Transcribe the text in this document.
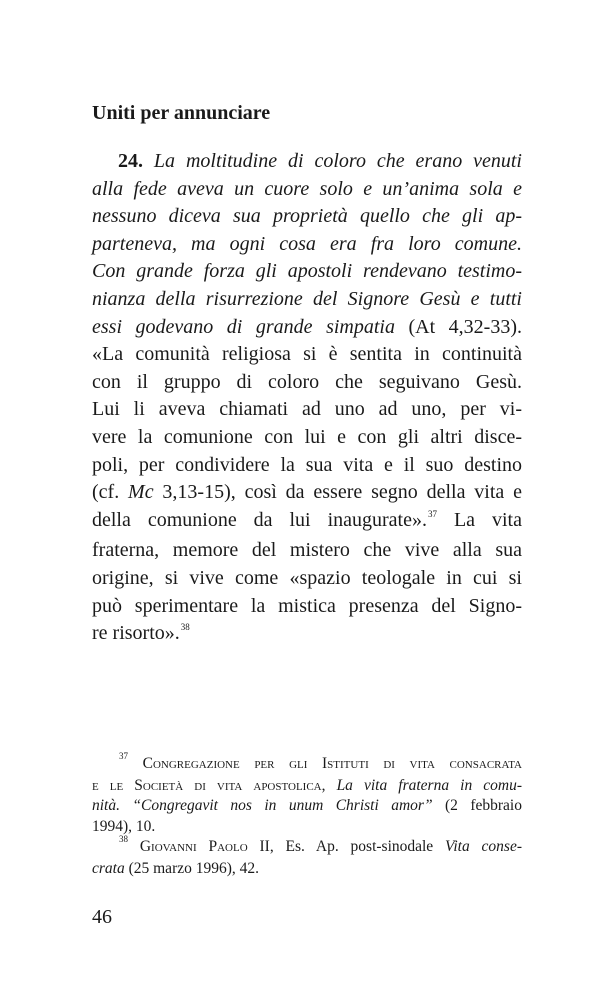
Uniti per annunciare
24. La moltitudine di coloro che erano venuti
alla fede aveva un cuore solo e un’anima sola e
nessuno diceva sua proprietà quello che gli ap-
parteneva, ma ogni cosa era fra loro comune.
Con grande forza gli apostoli rendevano testimo-
nianza della risurrezione del Signore Gesù e tutti
essi godevano di grande simpatia (At 4,32-33).
«La comunità religiosa si è sentita in continuità
con il gruppo di coloro che seguivano Gesù.
Lui li aveva chiamati ad uno ad uno, per vi-
vere la comunione con lui e con gli altri disce-
poli, per condividere la sua vita e il suo destino
(cf. Mc 3,13-15), così da essere segno della vita e
della comunione da lui inaugurate».$^{37}$ La vita
fraterna, memore del mistero che vive alla sua
origine, si vive come «spazio teologale in cui si
può sperimentare la mistica presenza del Signo-
re risorto».$^{38}$
$^{37}$ Congregazione per gli Istituti di vita consacrata
e le Società di vita apostolica, La vita fraterna in comu-
nità. “Congregavit nos in unum Christi amor” (2 febbraio
1994), 10.
$^{38}$ Giovanni Paolo II, Es. Ap. post-sinodale Vita conse-
crata (25 marzo 1996), 42.
46
